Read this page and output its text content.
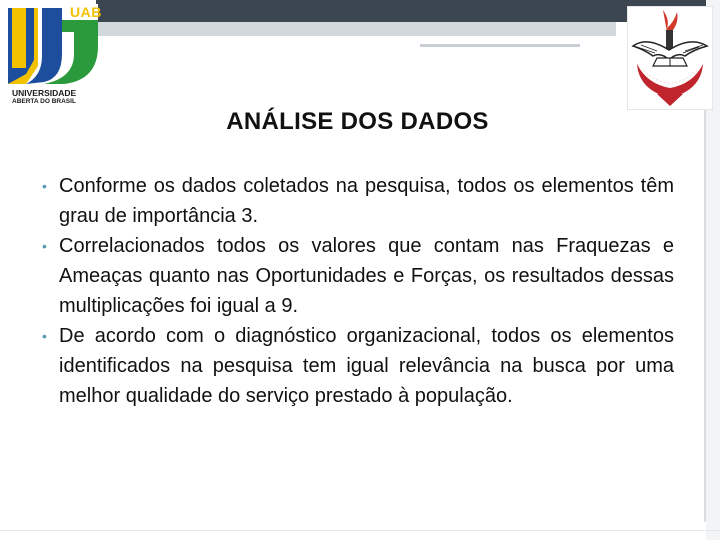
UAB
UNIVERSIDADE
ABERTA DO BRASIL
ANÁLISE DOS DADOS
• Conforme os dados coletados na pesquisa, todos os elementos têm grau de importância 3.
• Correlacionados todos os valores que contam nas Fraquezas e Ameaças quanto nas Oportunidades e Forças, os resultados dessas multiplicações foi igual a 9.
• De acordo com o diagnóstico organizacional, todos os elementos identificados na pesquisa tem igual relevância na busca por uma melhor qualidade do serviço prestado à população.
